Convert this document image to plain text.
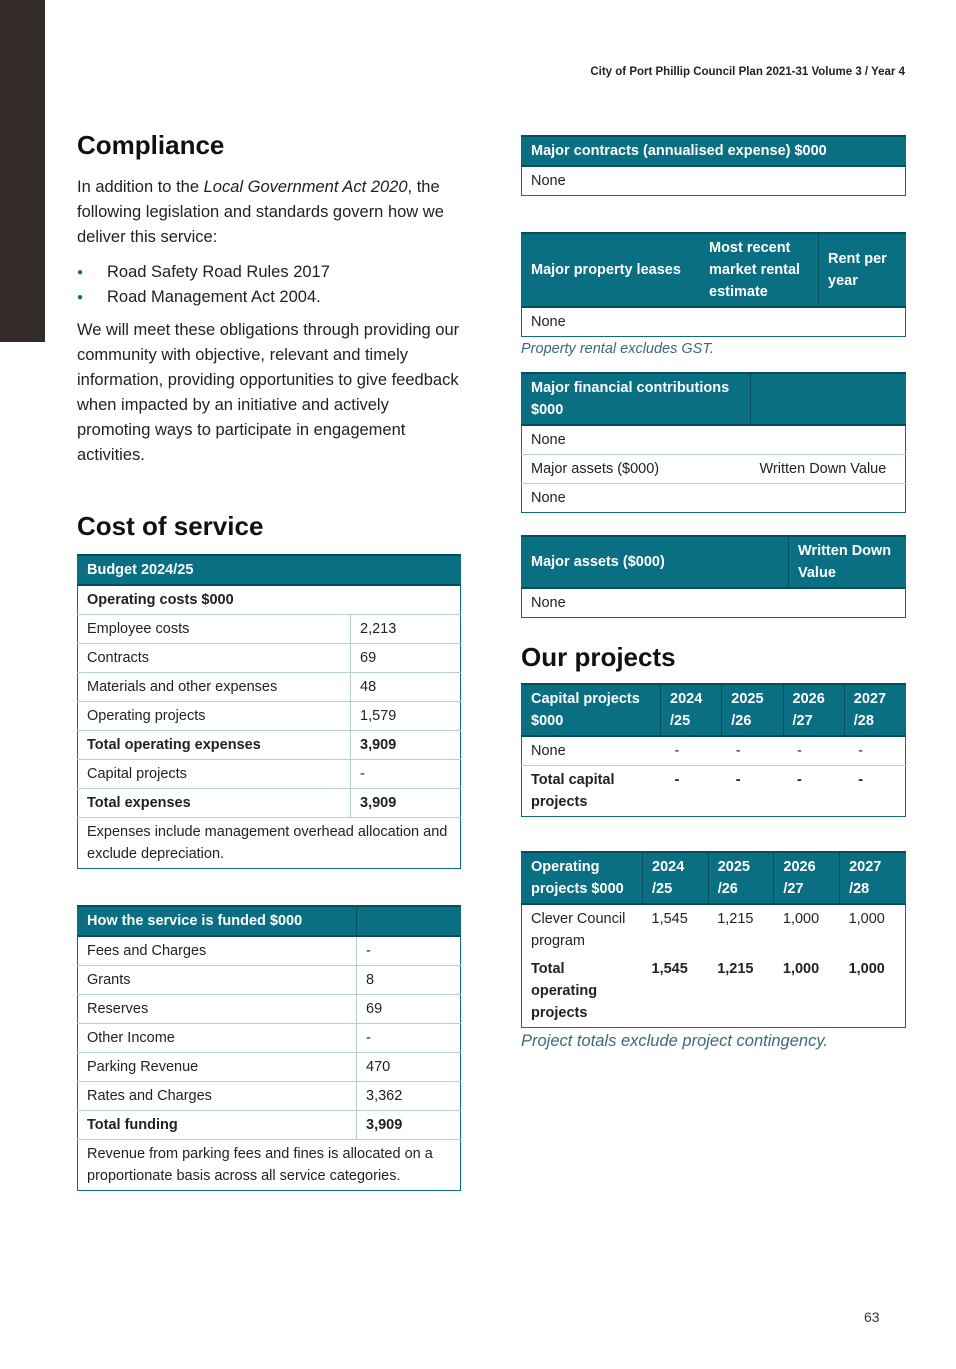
City of Port Phillip Council Plan 2021-31 Volume 3 / Year 4
Compliance

In addition to the Local Government Act 2020, the following legislation and standards govern how we deliver this service:

● Road Safety Road Rules 2017
● Road Management Act 2004.

We will meet these obligations through providing our community with objective, relevant and timely information, providing opportunities to give feedback when impacted by an initiative and actively promoting ways to participate in engagement activities.

Cost of service
Budget 2024/25	
Operating costs $000	
Employee costs	2,213
Contracts	69
Materials and other expenses	48
Operating projects	1,579
Total operating expenses	3,909
Capital projects	-
Total expenses	3,909
Expenses include management overhead allocation and exclude depreciation.	
How the service is funded $000	
Fees and Charges	-
Grants	8
Reserves	69
Other Income	-
Parking Revenue	470
Rates and Charges	3,362
Total funding	3,909
Revenue from parking fees and fines is allocated on a proportionate basis across all service categories.	
Major contracts (annualised expense) $000
None
Major property leases	Most recent market rental estimate	Rent per year
None

Property rental excludes GST.

Major financial contributions $000	
None	
Major assets ($000)	Written Down Value
None	
Major assets ($000)	Written Down Value
None
Our projects
Capital projects $000	2024 /25	2025 /26	2026 /27	2027 /28
None	-	-	-	-
Total capital projects	-	-	-	-
Operating projects $000	2024 /25	2025 /26	2026 /27	2027 /28
Clever Council program	1,545	1,215	1,000	1,000
Total operating projects	1,545	1,215	1,000	1,000

Project totals exclude project contingency.

63
